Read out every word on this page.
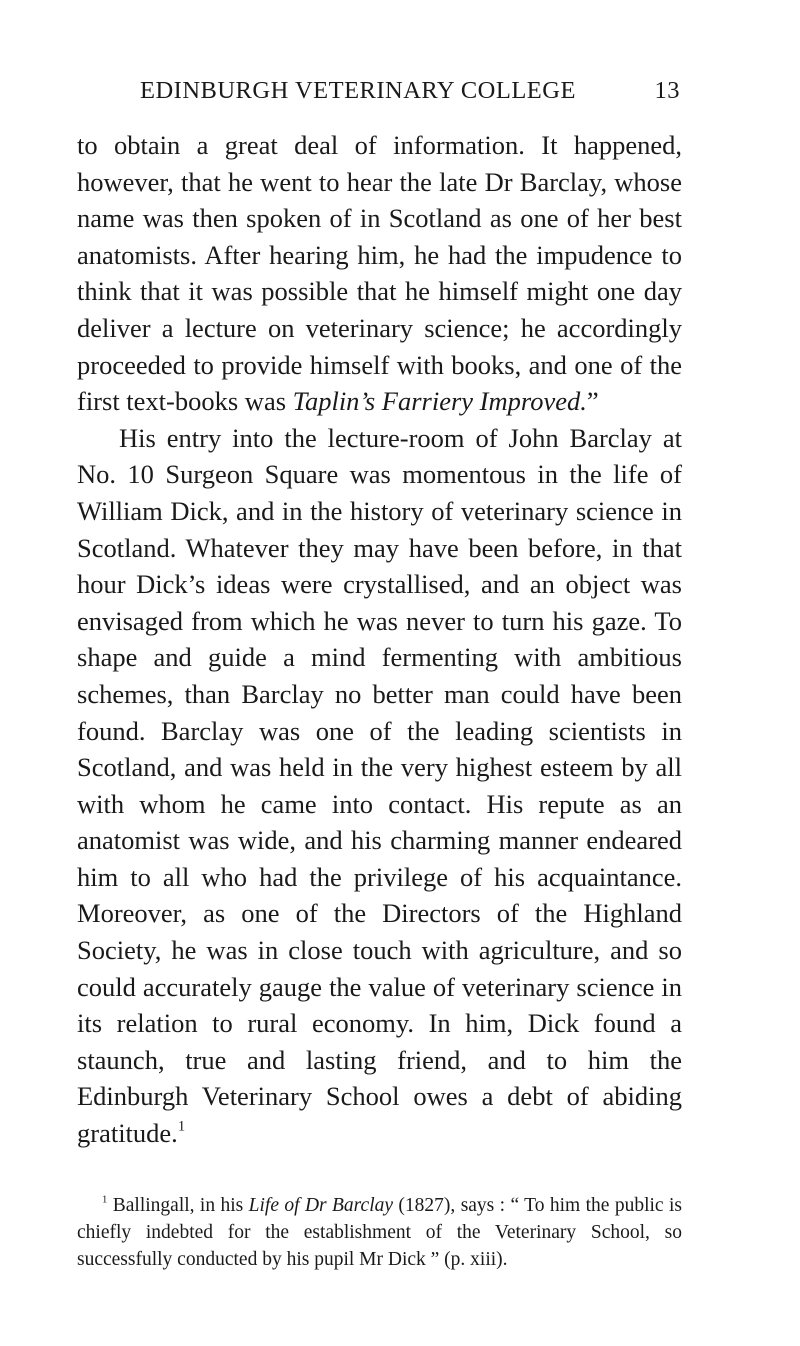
EDINBURGH VETERINARY COLLEGE	13

to obtain a great deal of information. It happened, however, that he went to hear the late Dr Barclay, whose name was then spoken of in Scotland as one of her best anatomists. After hearing him, he had the impudence to think that it was possible that he himself might one day deliver a lecture on veterinary science; he accordingly proceeded to provide himself with books, and one of the first text-books was Taplin’s Farriery Improved.”

His entry into the lecture-room of John Barclay at No. 10 Surgeon Square was momentous in the life of William Dick, and in the history of veterinary science in Scotland. Whatever they may have been before, in that hour Dick’s ideas were crystallised, and an object was envisaged from which he was never to turn his gaze. To shape and guide a mind fermenting with ambitious schemes, than Barclay no better man could have been found. Barclay was one of the leading scientists in Scotland, and was held in the very highest esteem by all with whom he came into contact. His repute as an anatomist was wide, and his charming manner endeared him to all who had the privilege of his acquaintance. Moreover, as one of the Directors of the Highland Society, he was in close touch with agriculture, and so could accurately gauge the value of veterinary science in its relation to rural economy. In him, Dick found a staunch, true and lasting friend, and to him the Edinburgh Veterinary School owes a debt of abiding gratitude.$^1$

$^1$ Ballingall, in his Life of Dr Barclay (1827), says : “ To him the public is chiefly indebted for the establishment of the Veterinary School, so successfully conducted by his pupil Mr Dick ” (p. xiii).
